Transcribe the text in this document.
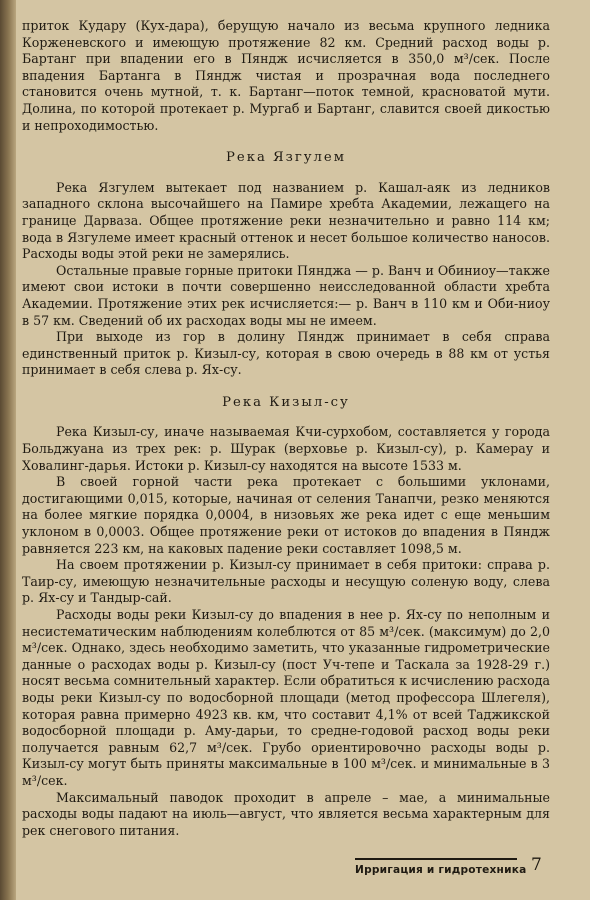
приток Кудару (Кух-дара), берущую начало из весьма крупного ледника Корженевского и имеющую протяжение 82 км. Средний расход воды р. Бартанг при впадении его в Пяндж исчисляется в 350,0 м³/сек. После впадения Бартанга в Пяндж чистая и прозрачная вода последнего становится очень мутной, т. к. Бартанг—поток темной, красноватой мути. Долина, по которой протекает р. Мургаб и Бартанг, славится своей дикостью и непроходимостью.

Река Язгулем

Река Язгулем вытекает под названием р. Кашал-аяк из ледников западного склона высочайшего на Памире хребта Академии, лежащего на границе Дарваза. Общее протяжение реки незначительно и равно 114 км; вода в Язгулеме имеет красный оттенок и несет большое количество наносов. Расходы воды этой реки не замерялись.

Остальные правые горные притоки Пянджа — р. Ванч и Обиниоу—также имеют свои истоки в почти совершенно неисследованной области хребта Академии. Протяжение этих рек исчисляется:— р. Ванч в 110 км и Оби-ниоу в 57 км. Сведений об их расходах воды мы не имеем.

При выходе из гор в долину Пяндж принимает в себя справа единственный приток р. Кизыл-су, которая в свою очередь в 88 км от устья принимает в себя слева р. Ях-су.

Река Кизыл-су

Река Кизыл-су, иначе называемая Кчи-сурхобом, составляется у города Больджуана из трех рек: р. Шурак (верховье р. Кизыл-су), р. Камерау и Ховалинг-дарья. Истоки р. Кизыл-су находятся на высоте 1533 м.

В своей горной части река протекает с большими уклонами, достигающими 0,015, которые, начиная от селения Танапчи, резко меняются на более мягкие порядка 0,0004, в низовьях же река идет с еще меньшим уклоном в 0,0003. Общее протяжение реки от истоков до впадения в Пяндж равняется 223 км, на каковых падение реки составляет 1098,5 м.

На своем протяжении р. Кизыл-су принимает в себя притоки: справа р. Таир-су, имеющую незначительные расходы и несущую соленую воду, слева р. Ях-су и Тандыр-сай.

Расходы воды реки Кизыл-су до впадения в нее р. Ях-су по неполным и несистематическим наблюдениям колеблются от 85 м³/сек. (максимум) до 2,0 м³/сек. Однако, здесь необходимо заметить, что указанные гидрометрические данные о расходах воды р. Кизыл-су (пост Уч-тепе и Таскала за 1928-29 г.) носят весьма сомнительный характер. Если обратиться к исчислению расхода воды реки Кизыл-су по водосборной площади (метод профессора Шлегеля), которая равна примерно 4923 кв. км, что составит 4,1% от всей Таджикской водосборной площади р. Аму-дарьи, то средне-годовой расход воды реки получается равным 62,7 м³/сек. Грубо ориентировочно расходы воды р. Кизыл-су могут быть приняты максимальные в 100 м³/сек. и минимальные в 3 м³/сек.

Максимальный паводок проходит в апреле – мае, а минимальные расходы воды падают на июль—август, что является весьма характерным для рек снегового питания.

Ирригация и гидротехника 7
